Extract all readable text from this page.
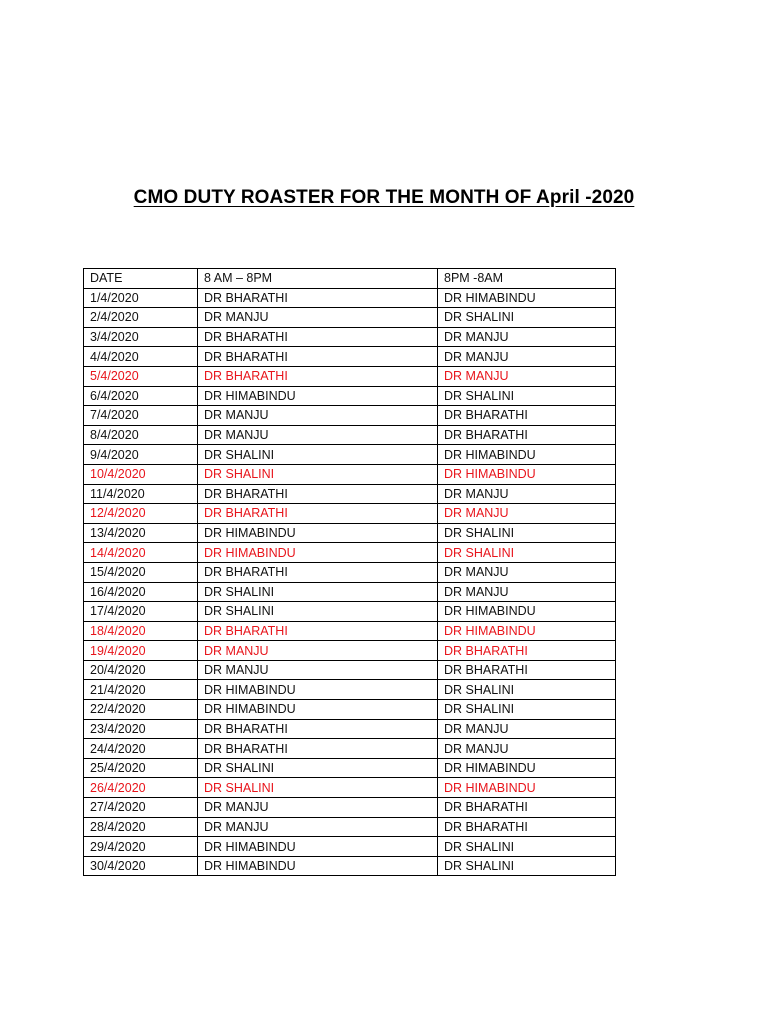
CMO DUTY ROASTER FOR THE MONTH OF April -2020
DATE	8 AM – 8PM	8PM -8AM
1/4/2020	DR BHARATHI	DR HIMABINDU
2/4/2020	DR MANJU	DR SHALINI
3/4/2020	DR BHARATHI	DR MANJU
4/4/2020	DR BHARATHI	DR MANJU
5/4/2020	DR BHARATHI	DR MANJU
6/4/2020	DR HIMABINDU	DR SHALINI
7/4/2020	DR MANJU	DR BHARATHI
8/4/2020	DR MANJU	DR BHARATHI
9/4/2020	DR SHALINI	DR HIMABINDU
10/4/2020	DR SHALINI	DR HIMABINDU
11/4/2020	DR BHARATHI	DR MANJU
12/4/2020	DR BHARATHI	DR MANJU
13/4/2020	DR HIMABINDU	DR SHALINI
14/4/2020	DR HIMABINDU	DR SHALINI
15/4/2020	DR BHARATHI	DR MANJU
16/4/2020	DR SHALINI	DR MANJU
17/4/2020	DR SHALINI	DR HIMABINDU
18/4/2020	DR BHARATHI	DR HIMABINDU
19/4/2020	DR MANJU	DR BHARATHI
20/4/2020	DR MANJU	DR BHARATHI
21/4/2020	DR HIMABINDU	DR SHALINI
22/4/2020	DR HIMABINDU	DR SHALINI
23/4/2020	DR BHARATHI	DR MANJU
24/4/2020	DR BHARATHI	DR MANJU
25/4/2020	DR SHALINI	DR HIMABINDU
26/4/2020	DR SHALINI	DR HIMABINDU
27/4/2020	DR MANJU	DR BHARATHI
28/4/2020	DR MANJU	DR BHARATHI
29/4/2020	DR HIMABINDU	DR SHALINI
30/4/2020	DR HIMABINDU	DR SHALINI
